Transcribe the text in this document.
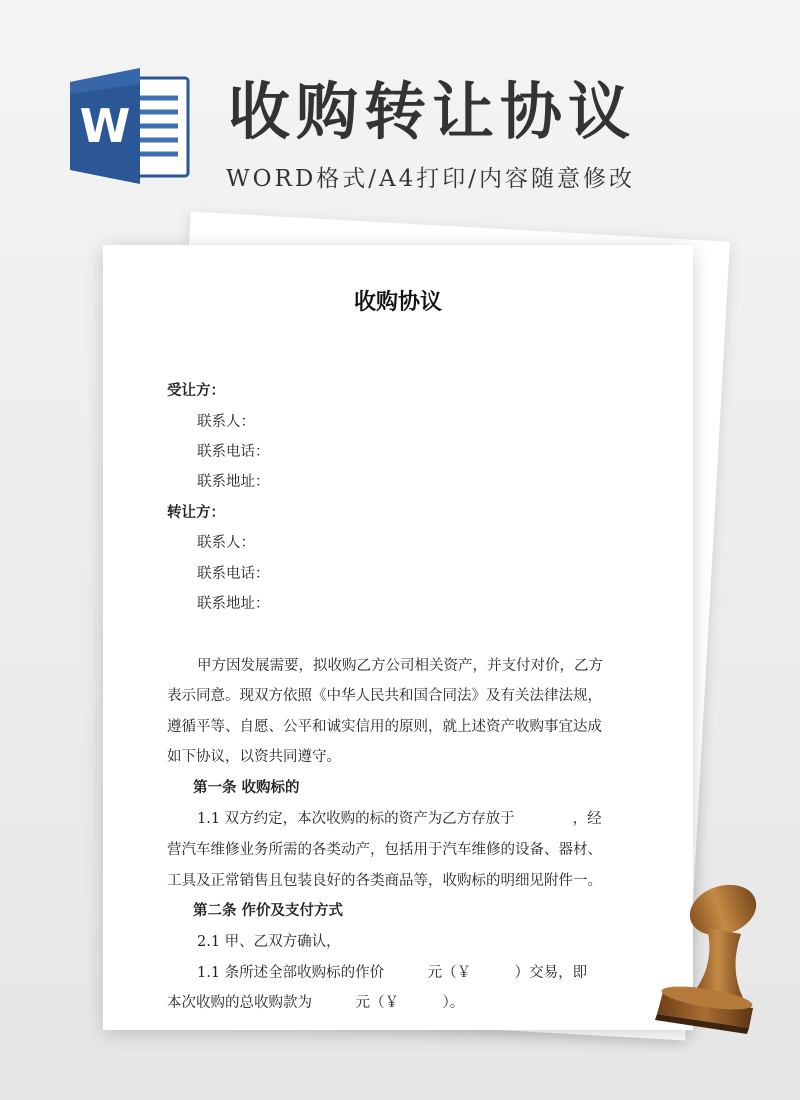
W 收购转让协议
WORD格式/A4打印/内容随意修改
收购协议
受让方：
联系人：
联系电话：
联系地址：
转让方：
联系人：
联系电话：
联系地址：
甲方因发展需要，拟收购乙方公司相关资产，并支付对价，乙方
表示同意。现双方依照《中华人民共和国合同法》及有关法律法规，
遵循平等、自愿、公平和诚实信用的原则，就上述资产收购事宜达成
如下协议，以资共同遵守。
第一条 收购标的
1.1 双方约定，本次收购的标的资产为乙方存放于　　　　，经
营汽车维修业务所需的各类动产，包括用于汽车维修的设备、器材、
工具及正常销售且包装良好的各类商品等，收购标的明细见附件一。
第二条 作价及支付方式
2.1 甲、乙双方确认，
1.1 条所述全部收购标的作价　　　元（￥　　　）交易，即
本次收购的总收购款为　　　元（￥　　　）。
